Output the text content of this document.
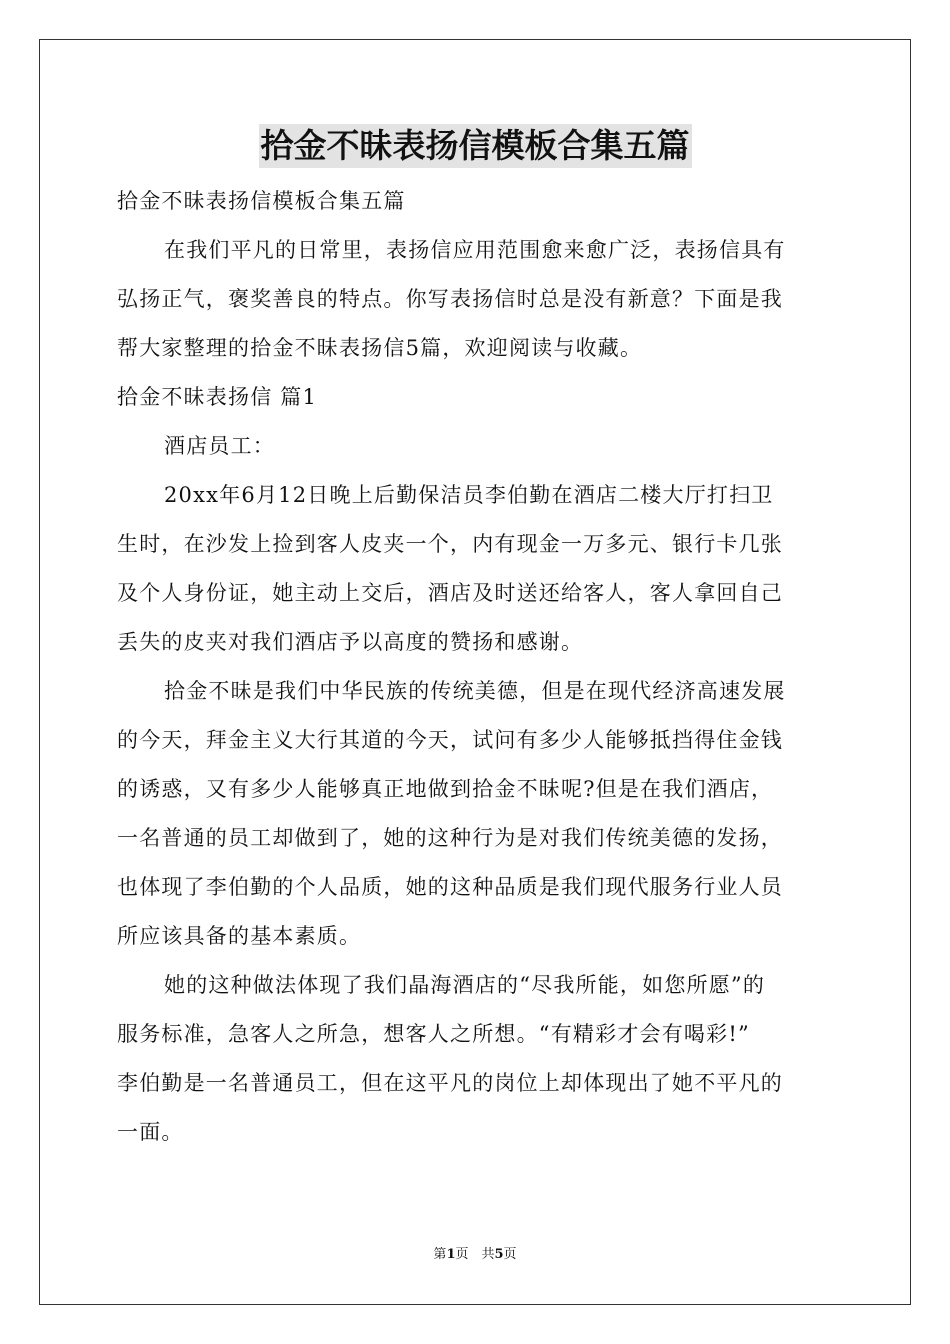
拾金不昧表扬信模板合集五篇
拾金不昧表扬信模板合集五篇
在我们平凡的日常里，表扬信应用范围愈来愈广泛，表扬信具有
弘扬正气，褒奖善良的特点。你写表扬信时总是没有新意？下面是我
帮大家整理的拾金不昧表扬信5篇，欢迎阅读与收藏。
拾金不昧表扬信 篇1
酒店员工：
20xx年6月12日晚上后勤保洁员李伯勤在酒店二楼大厅打扫卫
生时，在沙发上捡到客人皮夹一个，内有现金一万多元、银行卡几张
及个人身份证，她主动上交后，酒店及时送还给客人，客人拿回自己
丢失的皮夹对我们酒店予以高度的赞扬和感谢。
拾金不昧是我们中华民族的传统美德，但是在现代经济高速发展
的今天，拜金主义大行其道的今天，试问有多少人能够抵挡得住金钱
的诱惑，又有多少人能够真正地做到拾金不昧呢?但是在我们酒店，
一名普通的员工却做到了，她的这种行为是对我们传统美德的发扬，
也体现了李伯勤的个人品质，她的这种品质是我们现代服务行业人员
所应该具备的基本素质。
她的这种做法体现了我们晶海酒店的“尽我所能，如您所愿”的
服务标准，急客人之所急，想客人之所想。“有精彩才会有喝彩!”
李伯勤是一名普通员工，但在这平凡的岗位上却体现出了她不平凡的
一面。
第1页　共5页
